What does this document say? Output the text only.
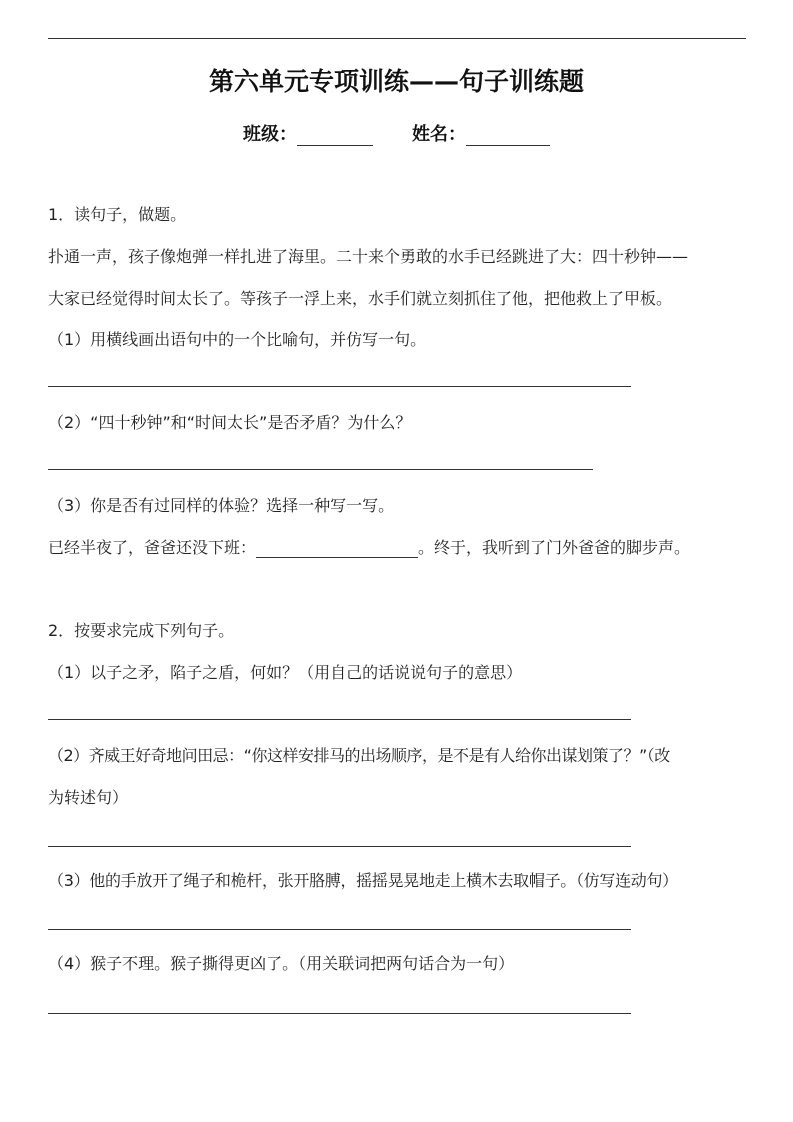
第六单元专项训练——句子训练题
班级：	姓名：
1．读句子，做题。
扑通一声，孩子像炮弹一样扎进了海里。二十来个勇敢的水手已经跳进了大：四十秒钟——
大家已经觉得时间太长了。等孩子一浮上来，水手们就立刻抓住了他，把他救上了甲板。
（1）用横线画出语句中的一个比喻句，并仿写一句。
（2）“四十秒钟”和“时间太长”是否矛盾？为什么？
（3）你是否有过同样的体验？选择一种写一写。
已经半夜了，爸爸还没下班：	。终于，我听到了门外爸爸的脚步声。
2．按要求完成下列句子。
（1）以子之矛，陷子之盾，何如？（用自己的话说说句子的意思）
（2）齐威王好奇地问田忌：“你这样安排马的出场顺序，是不是有人给你出谋划策了？”（改
为转述句）
（3）他的手放开了绳子和桅杆，张开胳膊，摇摇晃晃地走上横木去取帽子。（仿写连动句）
（4）猴子不理。猴子撕得更凶了。（用关联词把两句话合为一句）
